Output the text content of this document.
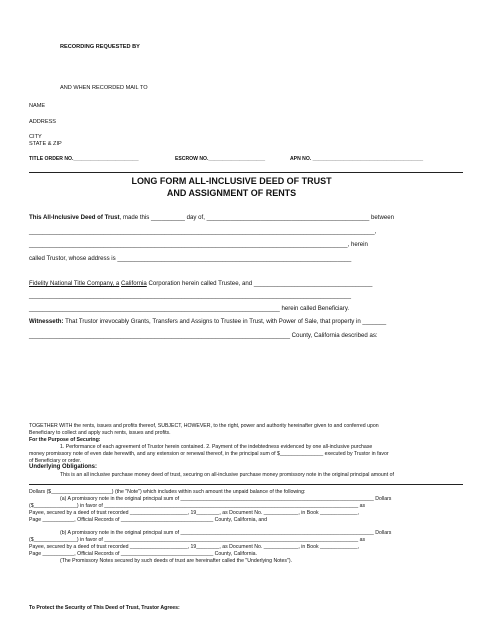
RECORDING REQUESTED BY
AND WHEN RECORDED MAIL TO
NAME
ADDRESS
CITY
STATE & ZIP
TITLE ORDER NO._______________________	ESCROW NO.____________________	APN NO. _______________________________________
LONG FORM ALL-INCLUSIVE DEED OF TRUST
AND ASSIGNMENT OF RENTS
This All-Inclusive Deed of Trust, made this __________ day of, ________________________________________________ between
______________________________________________________________________________________________________,
______________________________________________________________________________________________, herein
called Trustor, whose address is _____________________________________________________________________
Fidelity National Title Company, a California Corporation herein called Trustee, and ___________________________________
_______________________________________________________________________________________________
__________________________________________________________________________ herein called Beneficiary.
Witnesseth: That Trustor irrevocably Grants, Transfers and Assigns to Trustee in Trust, with Power of Sale, that property in _______
_____________________________________________________________________________ County, California described as:
TOGETHER WITH the rents, issues and profits thereof, SUBJECT, HOWEVER, to the right, power and authority hereinafter given to and conferred upon
Beneficiary to collect and apply such rents, issues and profits.
For the Purpose of Securing:
1. Performance of each agreement of Trustor herein contained. 2. Payment of the indebtedness evidenced by one all-inclusive purchase
money promissory note of even date herewith, and any extension or renewal thereof, in the principal sum of $_______________ executed by Trustor in favor
of Beneficiary or order.
Underlying Obligations:
This is an all inclusive purchase money deed of trust, securing on all-inclusive purchase money promissory note in the original principal amount of
Dollars ($_____________________) (the "Note") which includes within such amount the unpaid balance of the following:
(a) A promissory note in the original principal sum of ___________________________________________________________________ Dollars
($_______________) in favor of ________________________________________________________________________________________ as
Payee, secured by a deed of trust recorded ____________________, 19________, as Document No. ____________, in Book _____________,
Page ___________, Official Records of ________________________________ County, California, and
(b) A promissory note in the original principal sum of ___________________________________________________________________ Dollars
($_______________) in favor of ________________________________________________________________________________________ as
Payee, secured by a deed of trust recorded ____________________, 19________, as Document No. ____________, in Book _____________,
Page ___________, Official Records of ________________________________ County, California.
(The Promissory Notes secured by such deeds of trust are hereinafter called the "Underlying Notes").
To Protect the Security of This Deed of Trust, Trustor Agrees:
